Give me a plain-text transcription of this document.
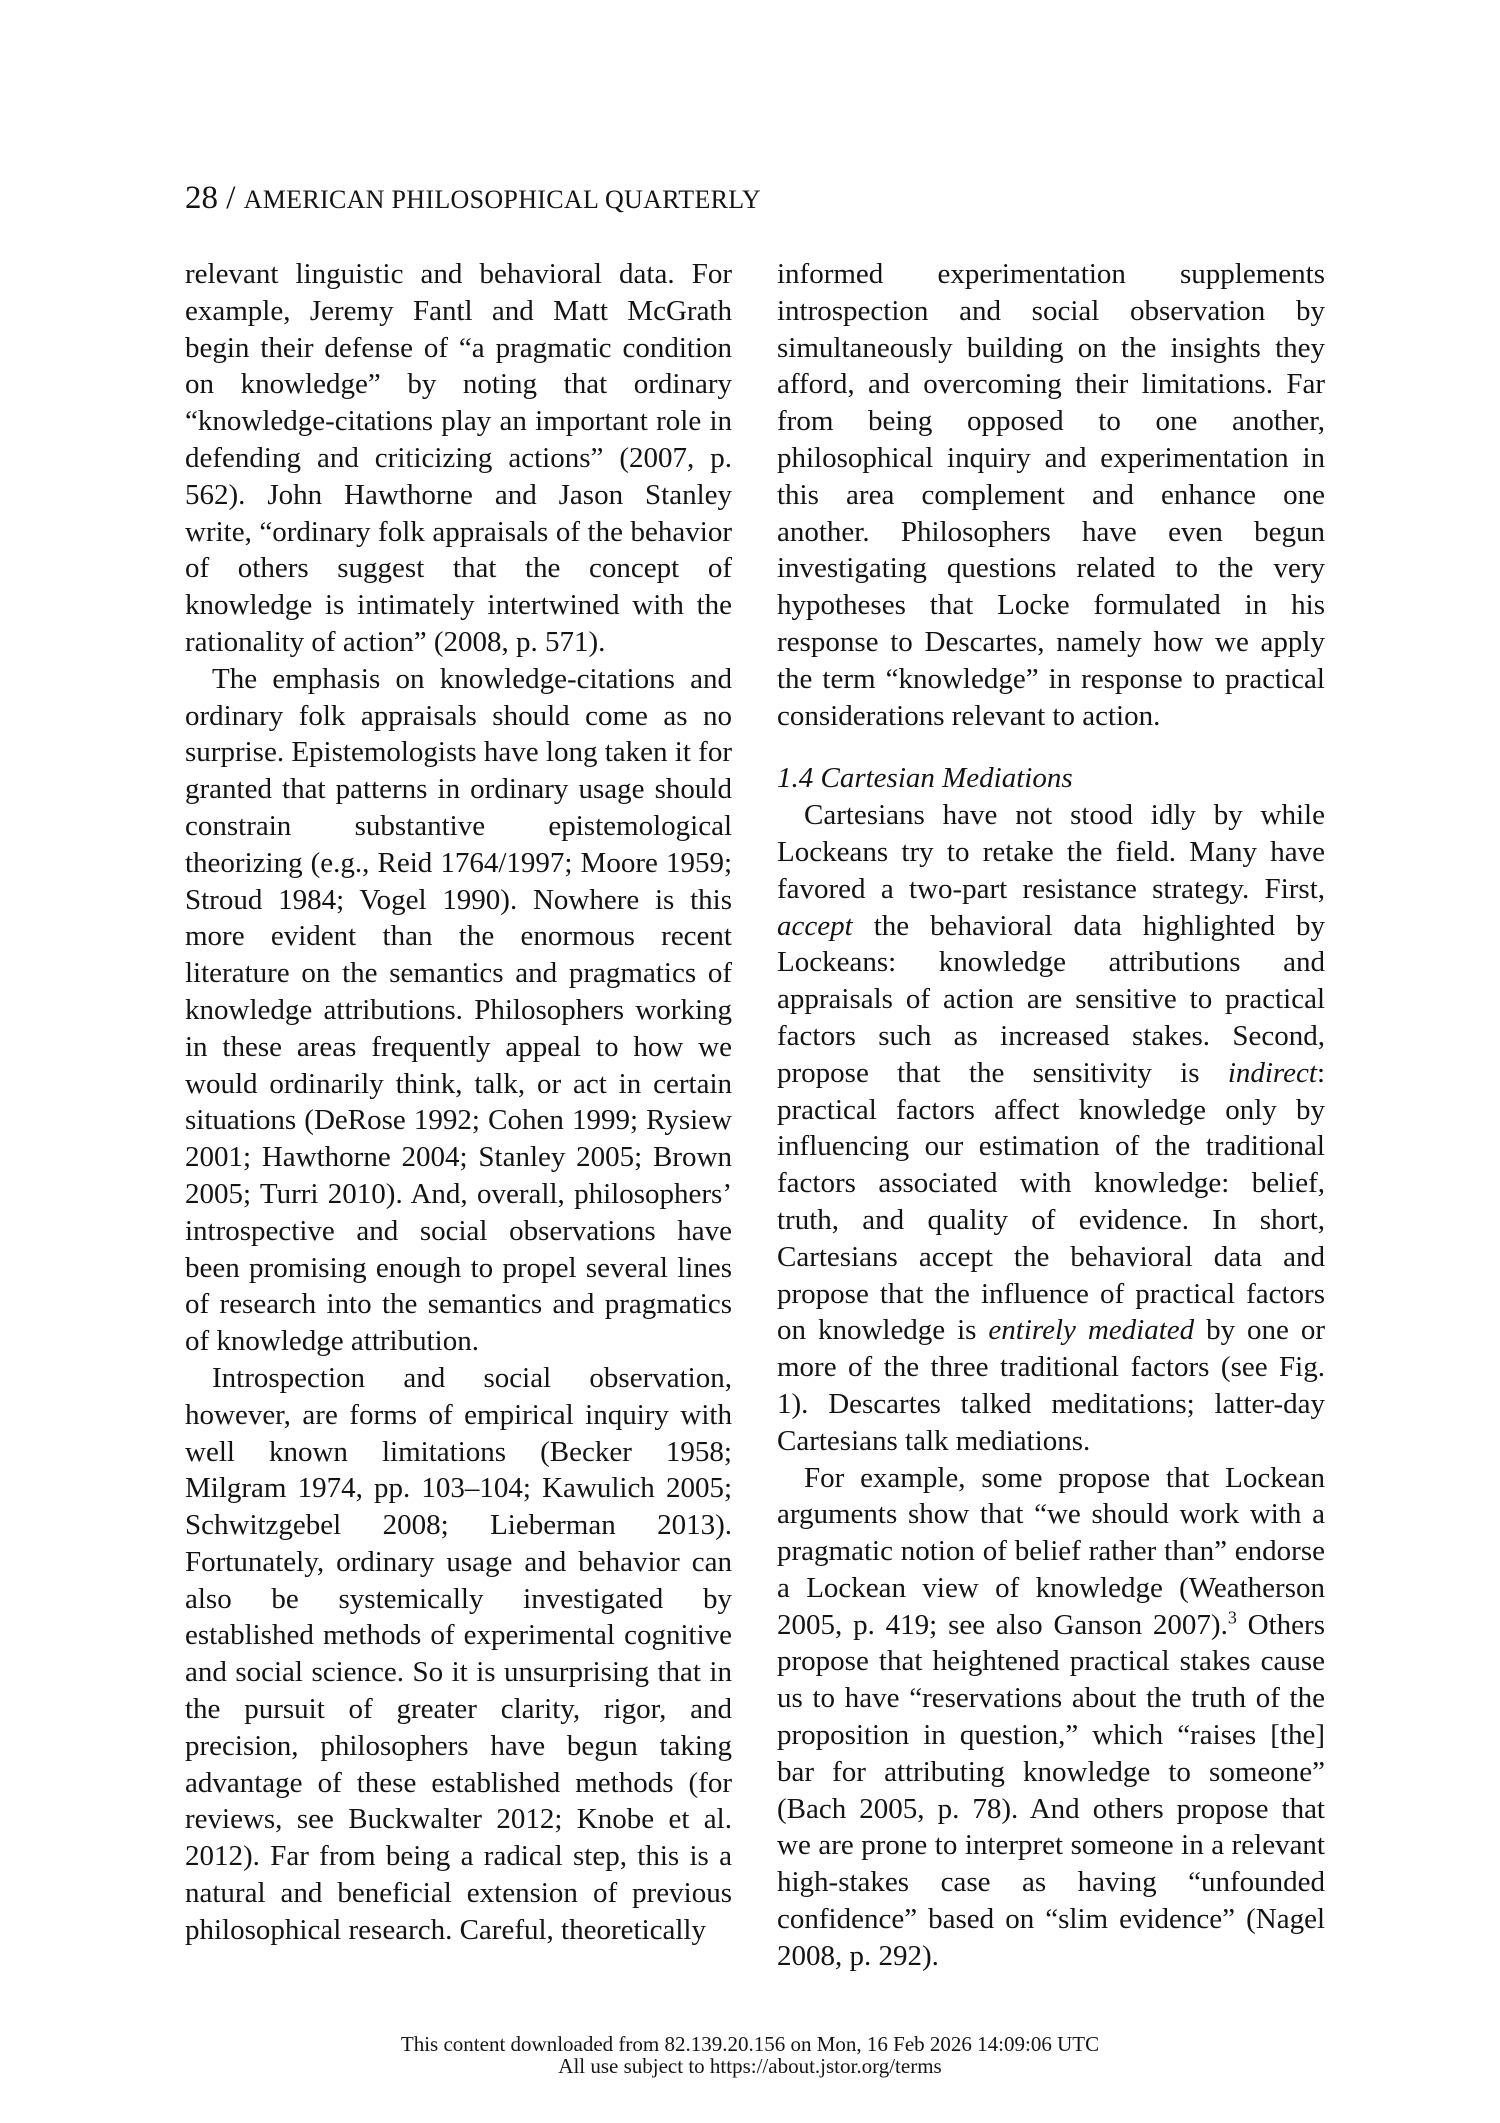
28 / AMERICAN PHILOSOPHICAL QUARTERLY

relevant linguistic and behavioral data. For example, Jeremy Fantl and Matt McGrath begin their defense of “a pragmatic condition on knowledge” by noting that ordinary “knowledge-citations play an important role in defending and criticizing actions” (2007, p. 562). John Hawthorne and Jason Stanley write, “ordinary folk appraisals of the behavior of others suggest that the concept of knowledge is intimately intertwined with the rationality of action” (2008, p. 571).

The emphasis on knowledge-citations and ordinary folk appraisals should come as no surprise. Epistemologists have long taken it for granted that patterns in ordinary usage should constrain substantive epistemological theorizing (e.g., Reid 1764/1997; Moore 1959; Stroud 1984; Vogel 1990). Nowhere is this more evident than the enormous recent literature on the semantics and pragmatics of knowledge attributions. Philosophers working in these areas frequently appeal to how we would ordinarily think, talk, or act in certain situations (DeRose 1992; Cohen 1999; Rysiew 2001; Hawthorne 2004; Stanley 2005; Brown 2005; Turri 2010). And, overall, philosophers’ introspective and social observations have been promising enough to propel several lines of research into the semantics and pragmatics of knowledge attribution.

Introspection and social observation, however, are forms of empirical inquiry with well known limitations (Becker 1958; Milgram 1974, pp. 103–104; Kawulich 2005; Schwitzgebel 2008; Lieberman 2013). Fortunately, ordinary usage and behavior can also be systemically investigated by established methods of experimental cognitive and social science. So it is unsurprising that in the pursuit of greater clarity, rigor, and precision, philosophers have begun taking advantage of these established methods (for reviews, see Buckwalter 2012; Knobe et al. 2012). Far from being a radical step, this is a natural and beneficial extension of previous philosophical research. Careful, theoretically

informed experimentation supplements introspection and social observation by simultaneously building on the insights they afford, and overcoming their limitations. Far from being opposed to one another, philosophical inquiry and experimentation in this area complement and enhance one another. Philosophers have even begun investigating questions related to the very hypotheses that Locke formulated in his response to Descartes, namely how we apply the term “knowledge” in response to practical considerations relevant to action.

1.4 Cartesian Mediations

Cartesians have not stood idly by while Lockeans try to retake the field. Many have favored a two-part resistance strategy. First, accept the behavioral data highlighted by Lockeans: knowledge attributions and appraisals of action are sensitive to practical factors such as increased stakes. Second, propose that the sensitivity is indirect: practical factors affect knowledge only by influencing our estimation of the traditional factors associated with knowledge: belief, truth, and quality of evidence. In short, Cartesians accept the behavioral data and propose that the influence of practical factors on knowledge is entirely mediated by one or more of the three traditional factors (see Fig. 1). Descartes talked meditations; latter-day Cartesians talk mediations.

For example, some propose that Lockean arguments show that “we should work with a pragmatic notion of belief rather than” endorse a Lockean view of knowledge (Weatherson 2005, p. 419; see also Ganson 2007).$^3$ Others propose that heightened practical stakes cause us to have “reservations about the truth of the proposition in question,” which “raises [the] bar for attributing knowledge to someone” (Bach 2005, p. 78). And others propose that we are prone to interpret someone in a relevant high-stakes case as having “unfounded confidence” based on “slim evidence” (Nagel 2008, p. 292).

This content downloaded from 82.139.20.156 on Mon, 16 Feb 2026 14:09:06 UTC
All use subject to https://about.jstor.org/terms
